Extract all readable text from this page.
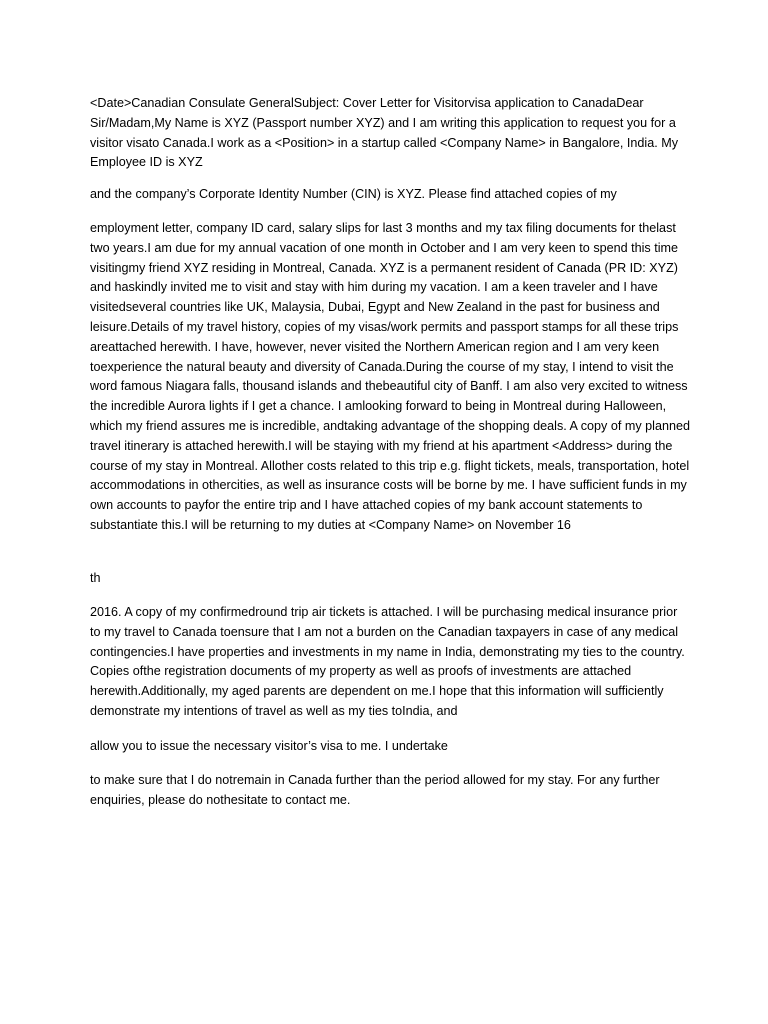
<Date>Canadian Consulate GeneralSubject: Cover Letter for Visitorvisa application to CanadaDear Sir/Madam,My Name is XYZ (Passport number XYZ) and I am writing this application to request you for a visitor visato Canada.I work as a <Position> in a startup called <Company Name> in Bangalore, India. My Employee ID is XYZ

and the company’s Corporate Identity Number (CIN) is XYZ. Please find attached copies of my

employment letter, company ID card, salary slips for last 3 months and my tax filing documents for thelast two years.I am due for my annual vacation of one month in October and I am very keen to spend this time visitingmy friend XYZ residing in Montreal, Canada. XYZ is a permanent resident of Canada (PR ID: XYZ) and haskindly invited me to visit and stay with him during my vacation. I am a keen traveler and I have visitedseveral countries like UK, Malaysia, Dubai, Egypt and New Zealand in the past for business and leisure.Details of my travel history, copies of my visas/work permits and passport stamps for all these trips areattached herewith. I have, however, never visited the Northern American region and I am very keen toexperience the natural beauty and diversity of Canada.During the course of my stay, I intend to visit the word famous Niagara falls, thousand islands and thebeautiful city of Banff. I am also very excited to witness the incredible Aurora lights if I get a chance. I amlooking forward to being in Montreal during Halloween, which my friend assures me is incredible, andtaking advantage of the shopping deals. A copy of my planned travel itinerary is attached herewith.I will be staying with my friend at his apartment <Address> during the course of my stay in Montreal. Allother costs related to this trip e.g. flight tickets, meals, transportation, hotel accommodations in othercities, as well as insurance costs will be borne by me. I have sufficient funds in my own accounts to payfor the entire trip and I have attached copies of my bank account statements to substantiate this.I will be returning to my duties at <Company Name> on November 16

th

2016. A copy of my confirmedround trip air tickets is attached. I will be purchasing medical insurance prior to my travel to Canada toensure that I am not a burden on the Canadian taxpayers in case of any medical contingencies.I have properties and investments in my name in India, demonstrating my ties to the country. Copies ofthe registration documents of my property as well as proofs of investments are attached herewith.Additionally, my aged parents are dependent on me.I hope that this information will sufficiently demonstrate my intentions of travel as well as my ties toIndia, and

allow you to issue the necessary visitor’s visa to me. I undertake

to make sure that I do notremain in Canada further than the period allowed for my stay. For any further enquiries, please do nothesitate to contact me.
